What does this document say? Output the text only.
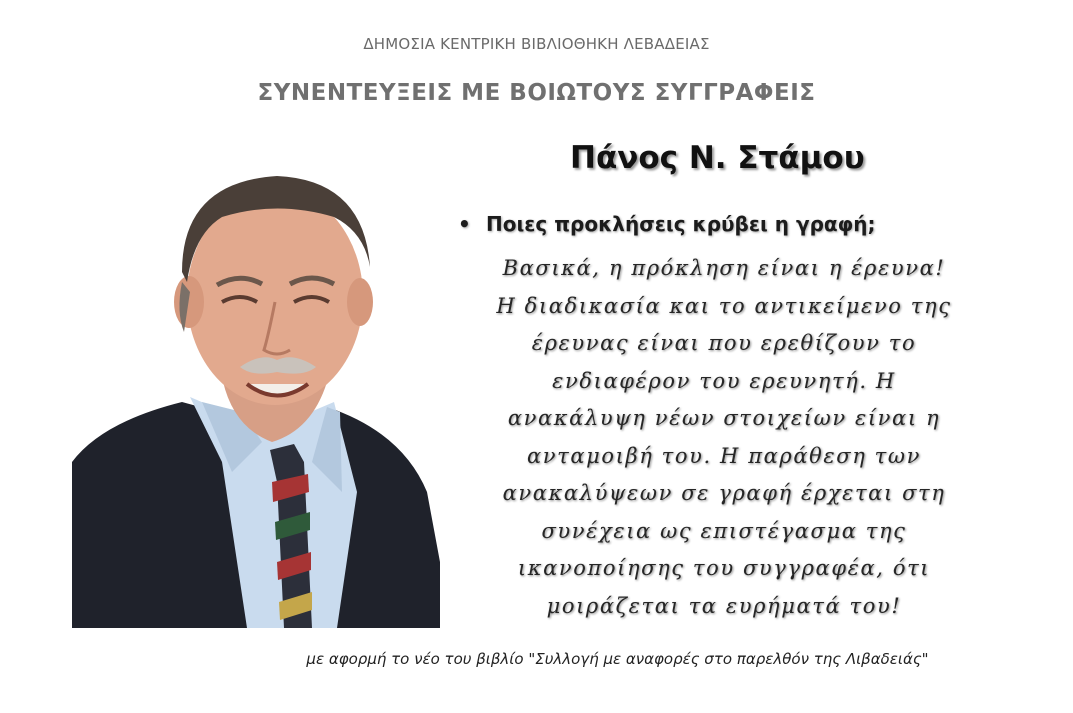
ΔΗΜΟΣΙΑ ΚΕΝΤΡΙΚΗ ΒΙΒΛΙΟΘΗΚΗ ΛΕΒΑΔΕΙΑΣ
ΣΥΝΕΝΤΕΥΞΕΙΣ ΜΕ ΒΟΙΩΤΟΥΣ ΣΥΓΓΡΑΦΕΙΣ
Πάνος Ν. Στάμου
• Ποιες προκλήσεις κρύβει η γραφή;
Βασικά, η πρόκληση είναι η έρευνα!
Η διαδικασία και το αντικείμενο της
έρευνας είναι που ερεθίζουν το
ενδιαφέρον του ερευνητή. Η
ανακάλυψη νέων στοιχείων είναι η
ανταμοιβή του. Η παράθεση των
ανακαλύψεων σε γραφή έρχεται στη
συνέχεια ως επιστέγασμα της
ικανοποίησης του συγγραφέα, ότι
μοιράζεται τα ευρήματά του!
με αφορμή το νέο του βιβλίο "Συλλογή με αναφορές στο παρελθόν της Λιβαδειάς"
